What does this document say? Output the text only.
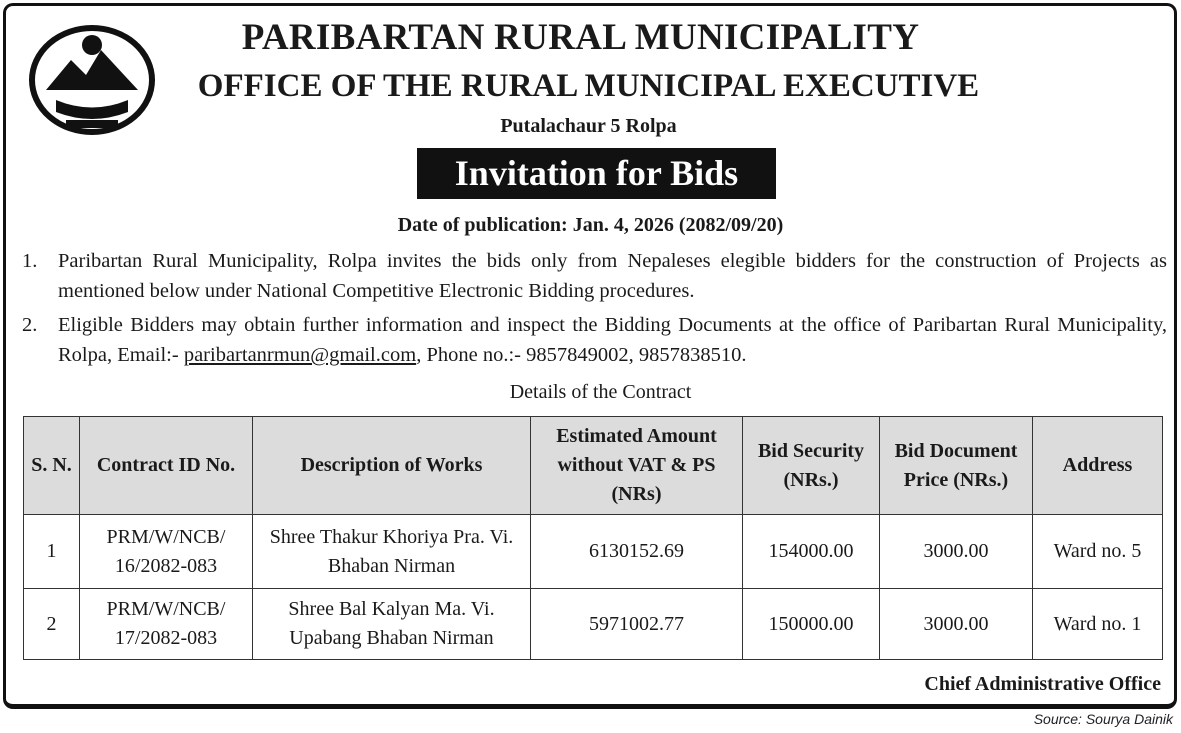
PARIBARTAN RURAL MUNICIPALITY
OFFICE OF THE RURAL MUNICIPAL EXECUTIVE
Putalachaur 5 Rolpa
Invitation for Bids
Date of publication: Jan. 4, 2026 (2082/09/20)
1. Paribartan Rural Municipality, Rolpa invites the bids only from Nepaleses elegible bidders for the construction of Projects as mentioned below under National Competitive Electronic Bidding procedures.
2. Eligible Bidders may obtain further information and inspect the Bidding Documents at the office of Paribartan Rural Municipality, Rolpa, Email:- paribartanrmun@gmail.com, Phone no.:- 9857849002, 9857838510.
Details of the Contract
S. N.	Contract ID No.	Description of Works	Estimated Amount without VAT & PS (NRs)	Bid Security (NRs.)	Bid Document Price (NRs.)	Address
1	PRM/W/NCB/ 16/2082-083	Shree Thakur Khoriya Pra. Vi. Bhaban Nirman	6130152.69	154000.00	3000.00	Ward no. 5
2	PRM/W/NCB/ 17/2082-083	Shree Bal Kalyan Ma. Vi. Upabang Bhaban Nirman	5971002.77	150000.00	3000.00	Ward no. 1
Chief Administrative Office
Source: Sourya Dainik
